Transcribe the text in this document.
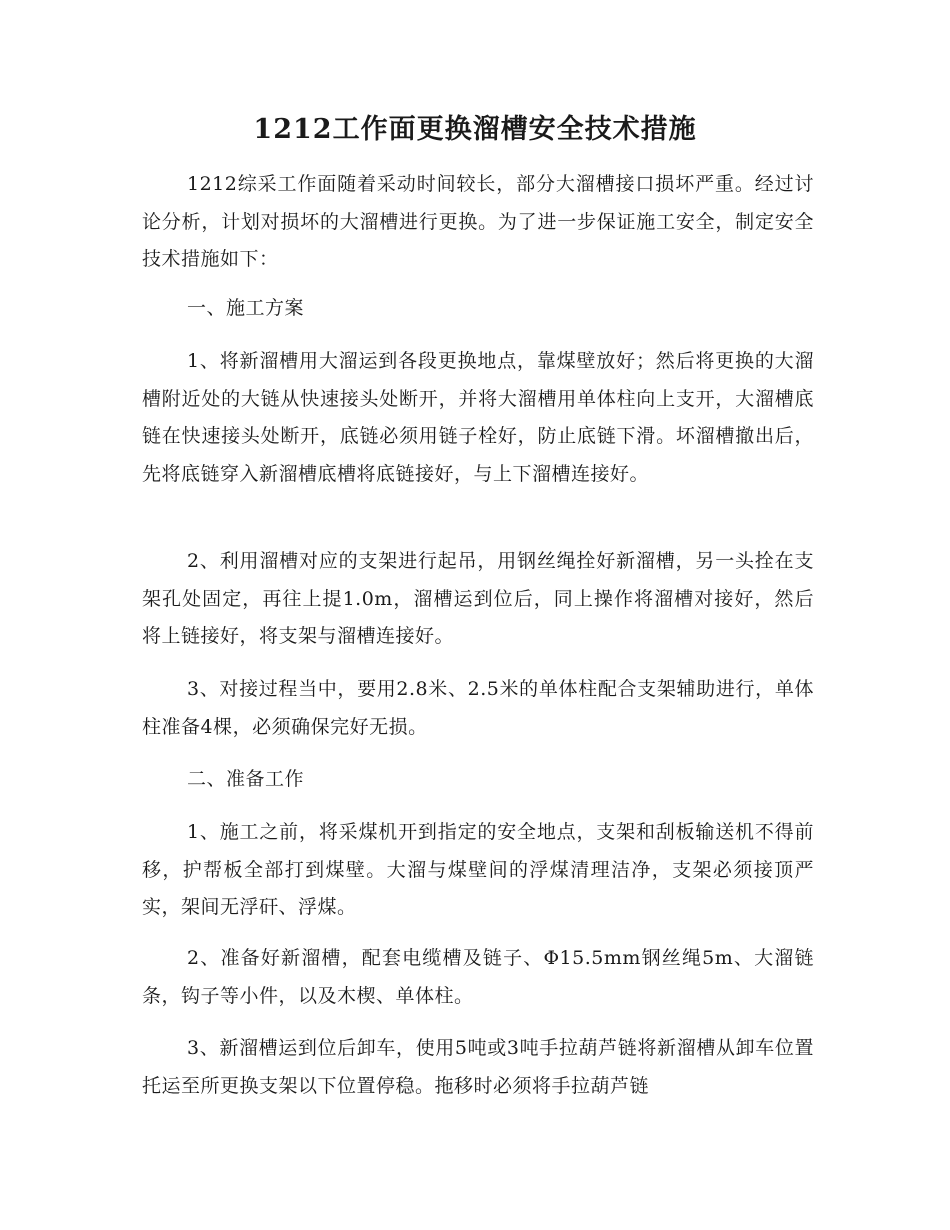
1212工作面更换溜槽安全技术措施

1212综采工作面随着采动时间较长，部分大溜槽接口损坏严重。经过讨论分析，计划对损坏的大溜槽进行更换。为了进一步保证施工安全，制定安全技术措施如下：

一、施工方案

1、将新溜槽用大溜运到各段更换地点，靠煤壁放好；然后将更换的大溜槽附近处的大链从快速接头处断开，并将大溜槽用单体柱向上支开，大溜槽底链在快速接头处断开，底链必须用链子栓好，防止底链下滑。坏溜槽撤出后，先将底链穿入新溜槽底槽将底链接好，与上下溜槽连接好。

2、利用溜槽对应的支架进行起吊，用钢丝绳拴好新溜槽，另一头拴在支架孔处固定，再往上提1.0m，溜槽运到位后，同上操作将溜槽对接好，然后将上链接好，将支架与溜槽连接好。

3、对接过程当中，要用2.8米、2.5米的单体柱配合支架辅助进行，单体柱准备4棵，必须确保完好无损。

二、准备工作

1、施工之前，将采煤机开到指定的安全地点，支架和刮板输送机不得前移，护帮板全部打到煤壁。大溜与煤壁间的浮煤清理洁净，支架必须接顶严实，架间无浮矸、浮煤。

2、准备好新溜槽，配套电缆槽及链子、Φ15.5mm钢丝绳5m、大溜链条，钩子等小件，以及木楔、单体柱。

3、新溜槽运到位后卸车，使用5吨或3吨手拉葫芦链将新溜槽从卸车位置托运至所更换支架以下位置停稳。拖移时必须将手拉葫芦链
